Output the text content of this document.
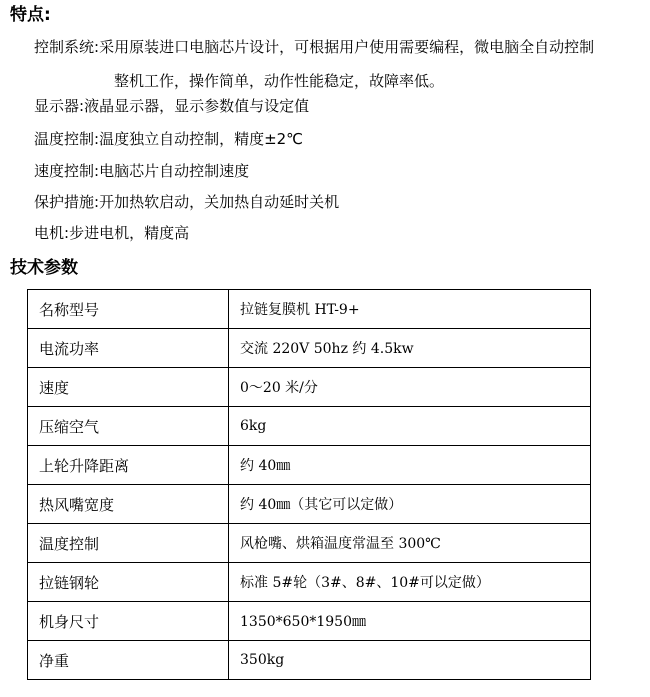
特点:
控制系统:采用原装进口电脑芯片设计，可根据用户使用需要编程，微电脑全自动控制
整机工作，操作简单，动作性能稳定，故障率低。
显示器:液晶显示器，显示参数值与设定值
温度控制:温度独立自动控制，精度±2℃
速度控制:电脑芯片自动控制速度
保护措施:开加热软启动，关加热自动延时关机
电机:步进电机，精度高
技术参数
名称型号	拉链复膜机 HT-9+
电流功率	交流 220V 50hz 约 4.5kw
速度	0～20 米/分
压缩空气	6kg
上轮升降距离	约 40㎜
热风嘴宽度	约 40㎜（其它可以定做）
温度控制	风枪嘴、烘箱温度常温至 300℃
拉链钢轮	标准 5#轮（3#、8#、10#可以定做）
机身尺寸	1350*650*1950㎜
净重	350kg
